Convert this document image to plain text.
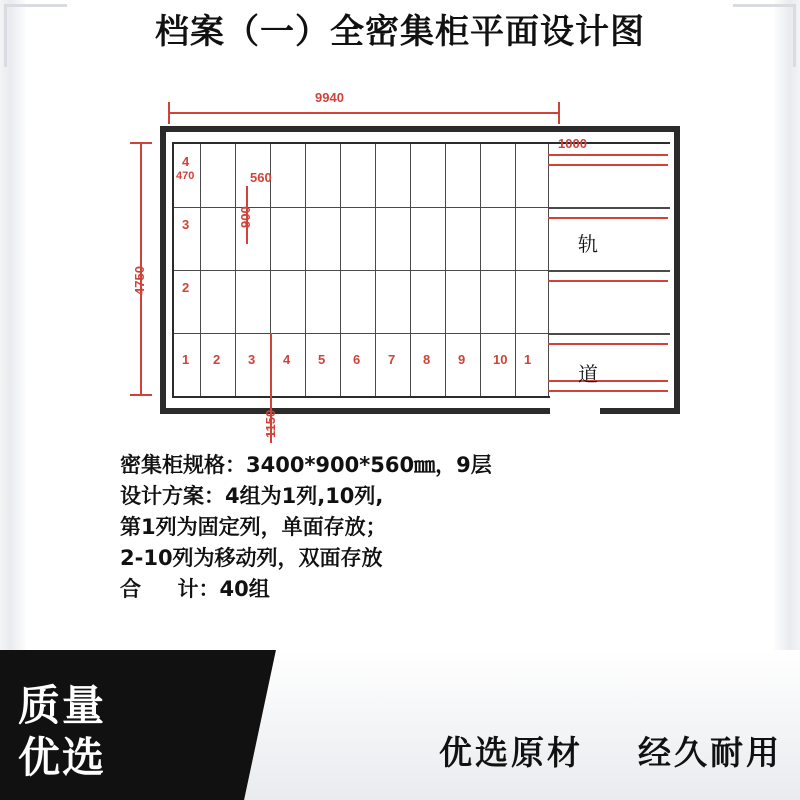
档案（一）全密集柜平面设计图
9940
4750
1000
轨
道
4
3
2
1 2 3 4 5 6 7 8 9 10 1
470	560
900
1150
密集柜规格：3400*900*560㎜，9层
设计方案：4组为1列,10列,
第1列为固定列，单面存放；
2-10列为移动列，双面存放
合     计：40组
质量
优选	优选原材 经久耐用
